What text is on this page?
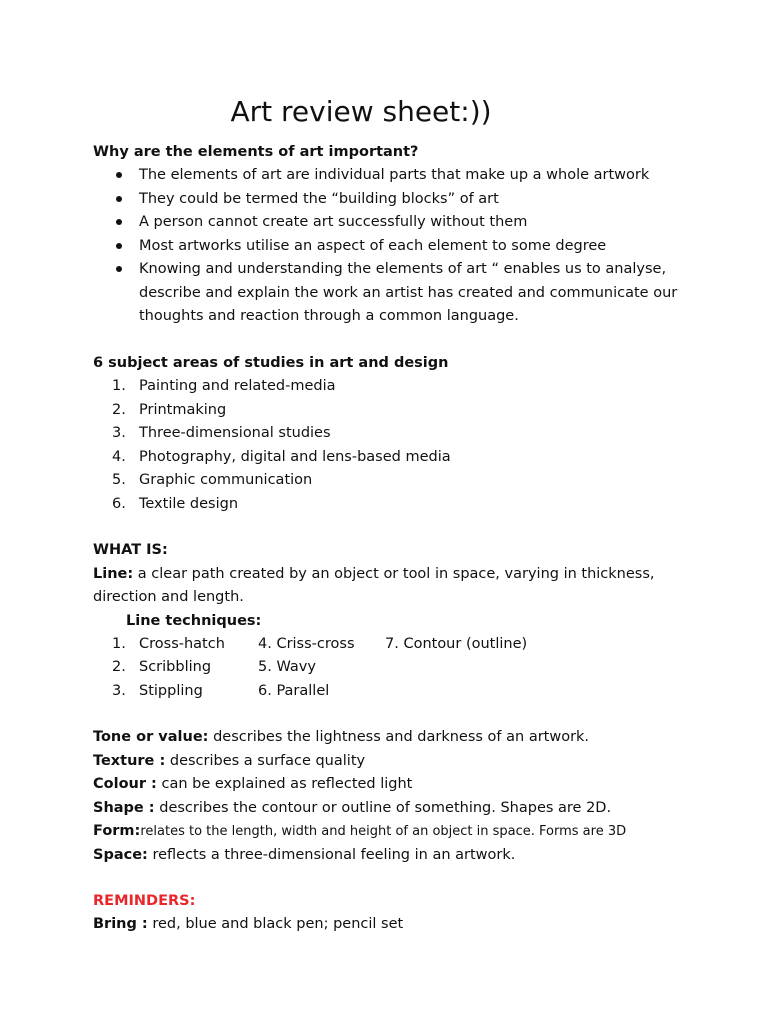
Art review sheet:))
Why are the elements of art important?
The elements of art are individual parts that make up a whole artwork
They could be termed the “building blocks” of art
A person cannot create art successfully without them
Most artworks utilise an aspect of each element to some degree
Knowing and understanding the elements of art “ enables us to analyse,
describe and explain the work an artist has created and communicate our
thoughts and reaction through a common language.
6 subject areas of studies in art and design
1. Painting and related-media
2. Printmaking
3. Three-dimensional studies
4. Photography, digital and lens-based media
5. Graphic communication
6. Textile design
WHAT IS:
Line: a clear path created by an object or tool in space, varying in thickness,
direction and length.
Line techniques:
1. Cross-hatch 4. Criss-cross 7. Contour (outline)
2. Scribbling	5. Wavy
3. Stippling	6. Parallel
Tone or value: describes the lightness and darkness of an artwork.
Texture : describes a surface quality
Colour : can be explained as reflected light
Shape : describes the contour or outline of something. Shapes are 2D.
Form:relates to the length, width and height of an object in space. Forms are 3D
Space: reflects a three-dimensional feeling in an artwork.
REMINDERS:
Bring : red, blue and black pen; pencil set
